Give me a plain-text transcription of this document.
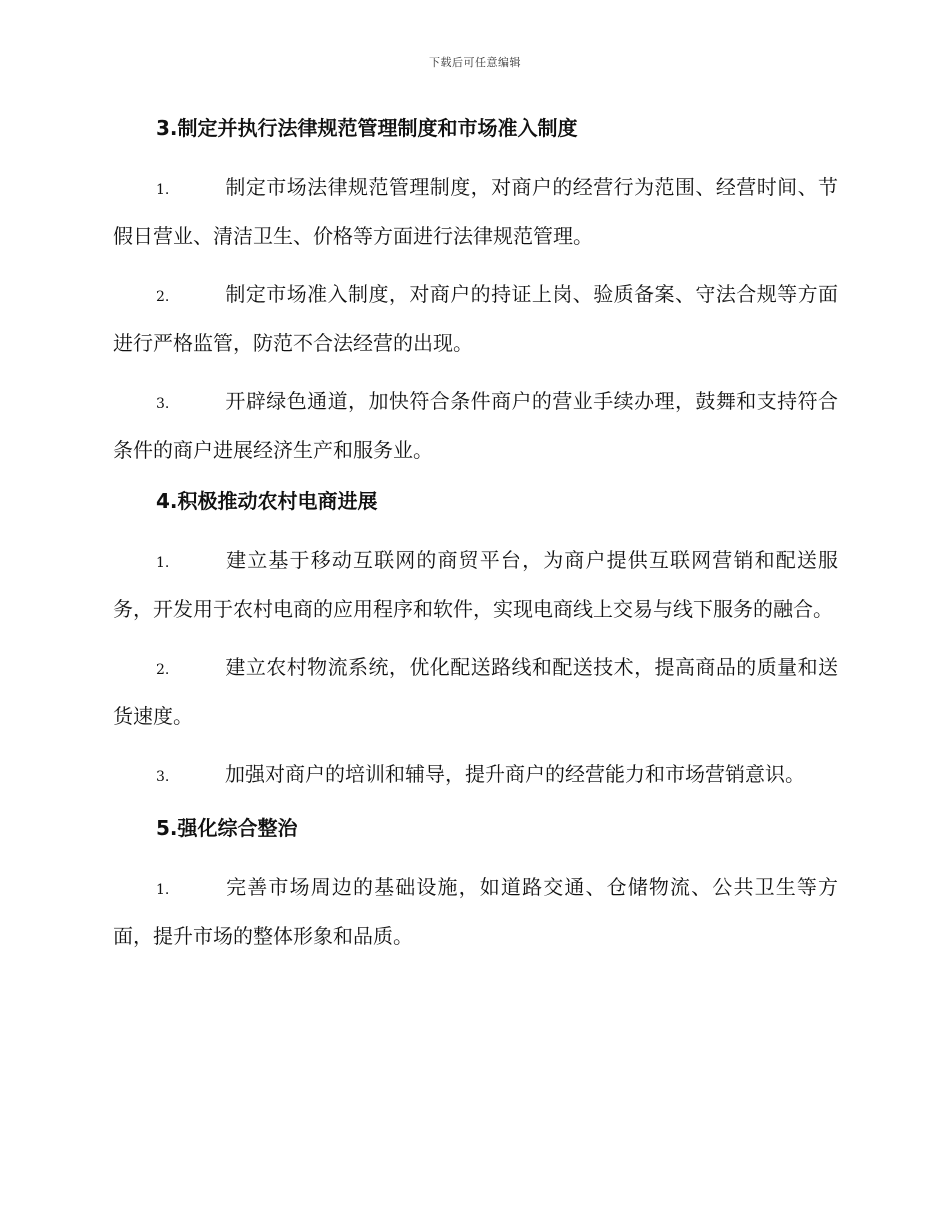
下载后可任意编辑
3.制定并执行法律规范管理制度和市场准入制度

1.	制定市场法律规范管理制度，对商户的经营行为范围、经营时间、节假日营业、清洁卫生、价格等方面进行法律规范管理。

2.	制定市场准入制度，对商户的持证上岗、验质备案、守法合规等方面进行严格监管，防范不合法经营的出现。

3.	开辟绿色通道，加快符合条件商户的营业手续办理，鼓舞和支持符合条件的商户进展经济生产和服务业。

4.积极推动农村电商进展

1.	建立基于移动互联网的商贸平台，为商户提供互联网营销和配送服务，开发用于农村电商的应用程序和软件，实现电商线上交易与线下服务的融合。

2.	建立农村物流系统，优化配送路线和配送技术，提高商品的质量和送货速度。

3.	加强对商户的培训和辅导，提升商户的经营能力和市场营销意识。

5.强化综合整治

1.	完善市场周边的基础设施，如道路交通、仓储物流、公共卫生等方面，提升市场的整体形象和品质。
